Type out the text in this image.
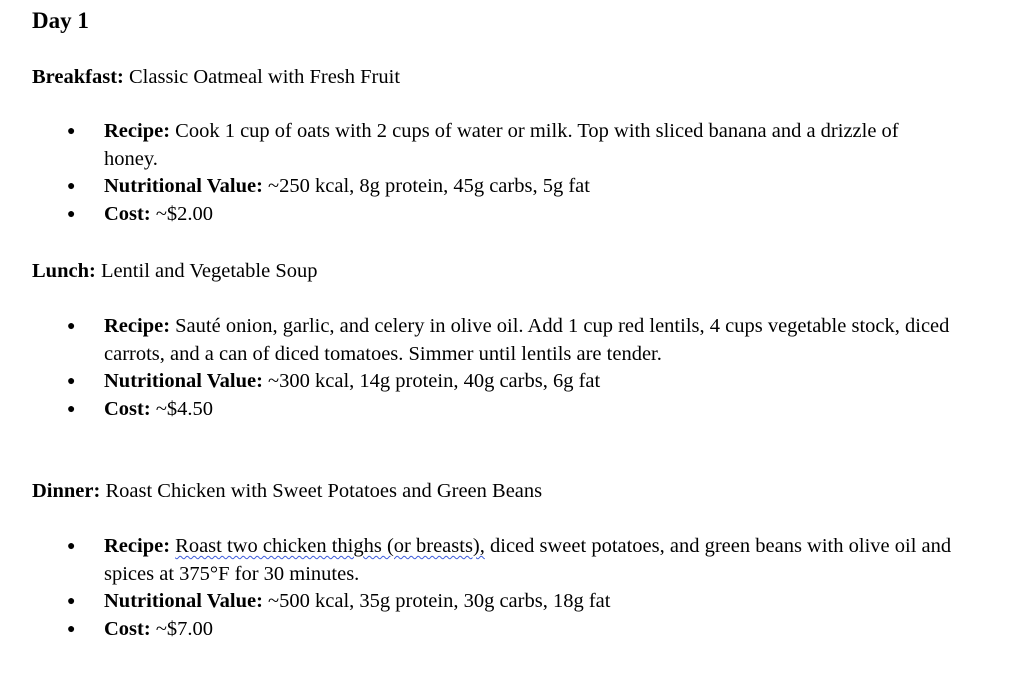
Day 1

Breakfast: Classic Oatmeal with Fresh Fruit

● Recipe: Cook 1 cup of oats with 2 cups of water or milk. Top with sliced banana and a drizzle of honey.
● Nutritional Value: ~250 kcal, 8g protein, 45g carbs, 5g fat
● Cost: ~$2.00

Lunch: Lentil and Vegetable Soup

● Recipe: Sauté onion, garlic, and celery in olive oil. Add 1 cup red lentils, 4 cups vegetable stock, diced carrots, and a can of diced tomatoes. Simmer until lentils are tender.
● Nutritional Value: ~300 kcal, 14g protein, 40g carbs, 6g fat
● Cost: ~$4.50

Dinner: Roast Chicken with Sweet Potatoes and Green Beans

● Recipe: Roast two chicken thighs (or breasts), diced sweet potatoes, and green beans with olive oil and spices at 375°F for 30 minutes.
● Nutritional Value: ~500 kcal, 35g protein, 30g carbs, 18g fat
● Cost: ~$7.00
